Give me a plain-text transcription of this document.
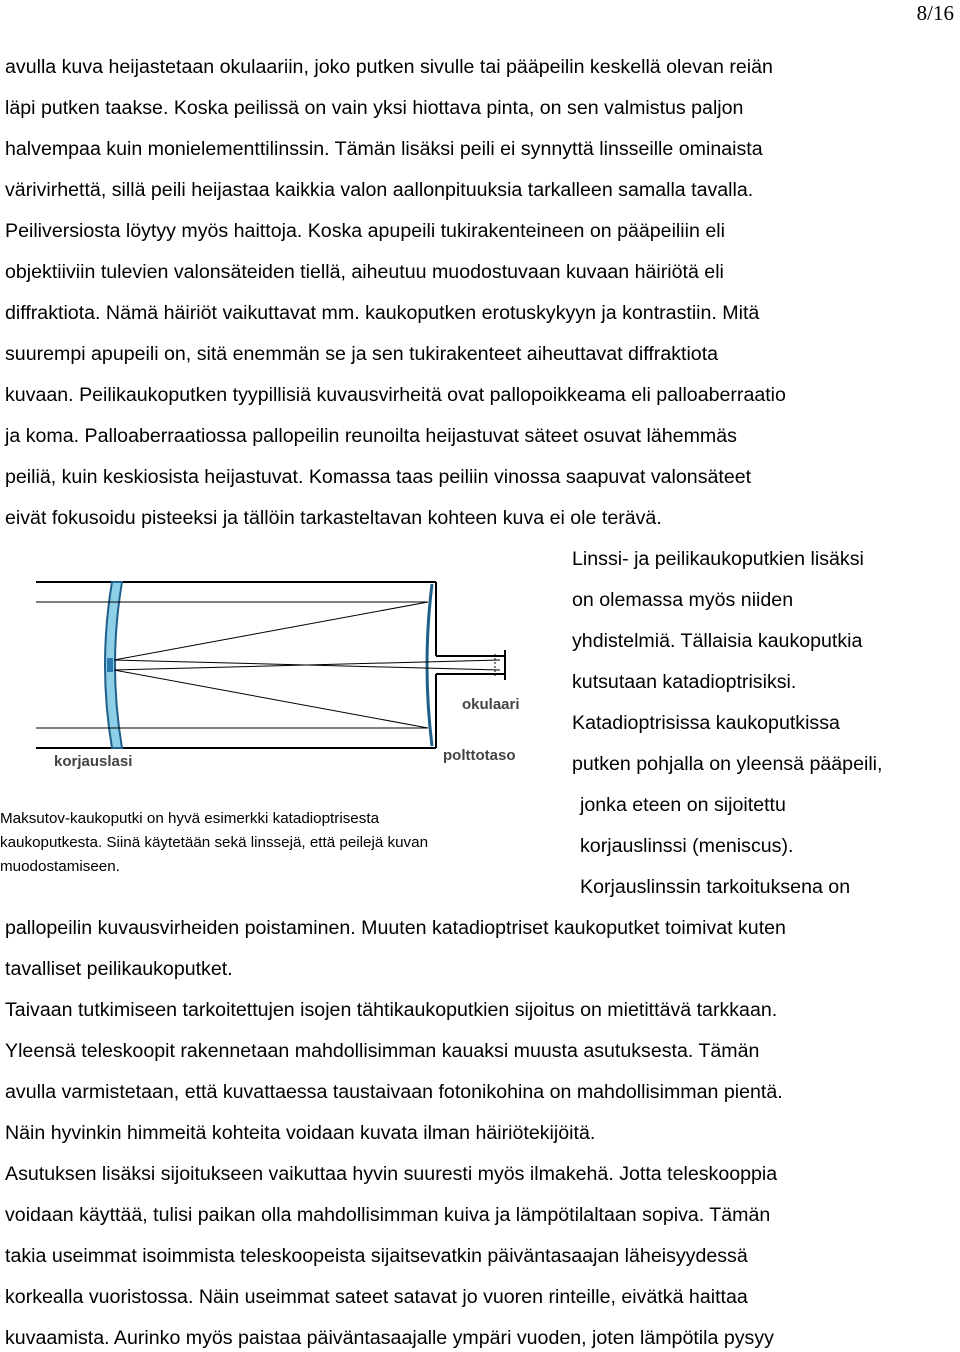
8/16
avulla kuva heijastetaan okulaariin, joko putken sivulle tai pääpeilin keskellä olevan reiän
läpi putken taakse. Koska peilissä on vain yksi hiottava pinta, on sen valmistus paljon
halvempaa kuin monielementtilinssin. Tämän lisäksi peili ei synnyttä linsseille ominaista
värivirhettä, sillä peili heijastaa kaikkia valon aallonpituuksia tarkalleen samalla tavalla.
Peiliversiosta löytyy myös haittoja. Koska apupeili tukirakenteineen on pääpeiliin eli
objektiiviin tulevien valonsäteiden tiellä, aiheutuu muodostuvaan kuvaan häiriötä eli
diffraktiota. Nämä häiriöt vaikuttavat mm. kaukoputken erotuskykyyn ja kontrastiin. Mitä
suurempi apupeili on, sitä enemmän se ja sen tukirakenteet aiheuttavat diffraktiota
kuvaan. Peilikaukoputken tyypillisiä kuvausvirheitä ovat pallopoikkeama eli palloaberraatio
ja koma. Palloaberraatiossa pallopeilin reunoilta heijastuvat säteet osuvat lähemmäs
peiliä, kuin keskiosista heijastuvat. Komassa taas peiliin vinossa saapuvat valonsäteet
eivät fokusoidu pisteeksi ja tällöin tarkasteltavan kohteen kuva ei ole terävä.
Linssi- ja peilikaukoputkien lisäksi
on olemassa myös niiden
yhdistelmiä. Tällaisia kaukoputkia
kutsutaan katadioptrisiksi.
Katadioptrisissa kaukoputkissa
putken pohjalla on yleensä pääpeili,
jonka eteen on sijoitettu
korjauslinssi (meniscus).
Korjauslinssin tarkoituksena on
korjauslasi
okulaari
polttotaso
Maksutov-kaukoputki on hyvä esimerkki katadioptrisesta
kaukoputkesta. Siinä käytetään sekä linssejä, että peilejä kuvan
muodostamiseen.
pallopeilin kuvausvirheiden poistaminen. Muuten katadioptriset kaukoputket toimivat kuten
tavalliset peilikaukoputket.
Taivaan tutkimiseen tarkoitettujen isojen tähtikaukoputkien sijoitus on mietittävä tarkkaan.
Yleensä teleskoopit rakennetaan mahdollisimman kauaksi muusta asutuksesta. Tämän
avulla varmistetaan, että kuvattaessa taustaivaan fotonikohina on mahdollisimman pientä.
Näin hyvinkin himmeitä kohteita voidaan kuvata ilman häiriötekijöitä.
Asutuksen lisäksi sijoitukseen vaikuttaa hyvin suuresti myös ilmakehä. Jotta teleskooppia
voidaan käyttää, tulisi paikan olla mahdollisimman kuiva ja lämpötilaltaan sopiva. Tämän
takia useimmat isoimmista teleskoopeista sijaitsevatkin päiväntasaajan läheisyydessä
korkealla vuoristossa. Näin useimmat sateet satavat jo vuoren rinteille, eivätkä haittaa
kuvaamista. Aurinko myös paistaa päiväntasaajalle ympäri vuoden, joten lämpötila pysyy
